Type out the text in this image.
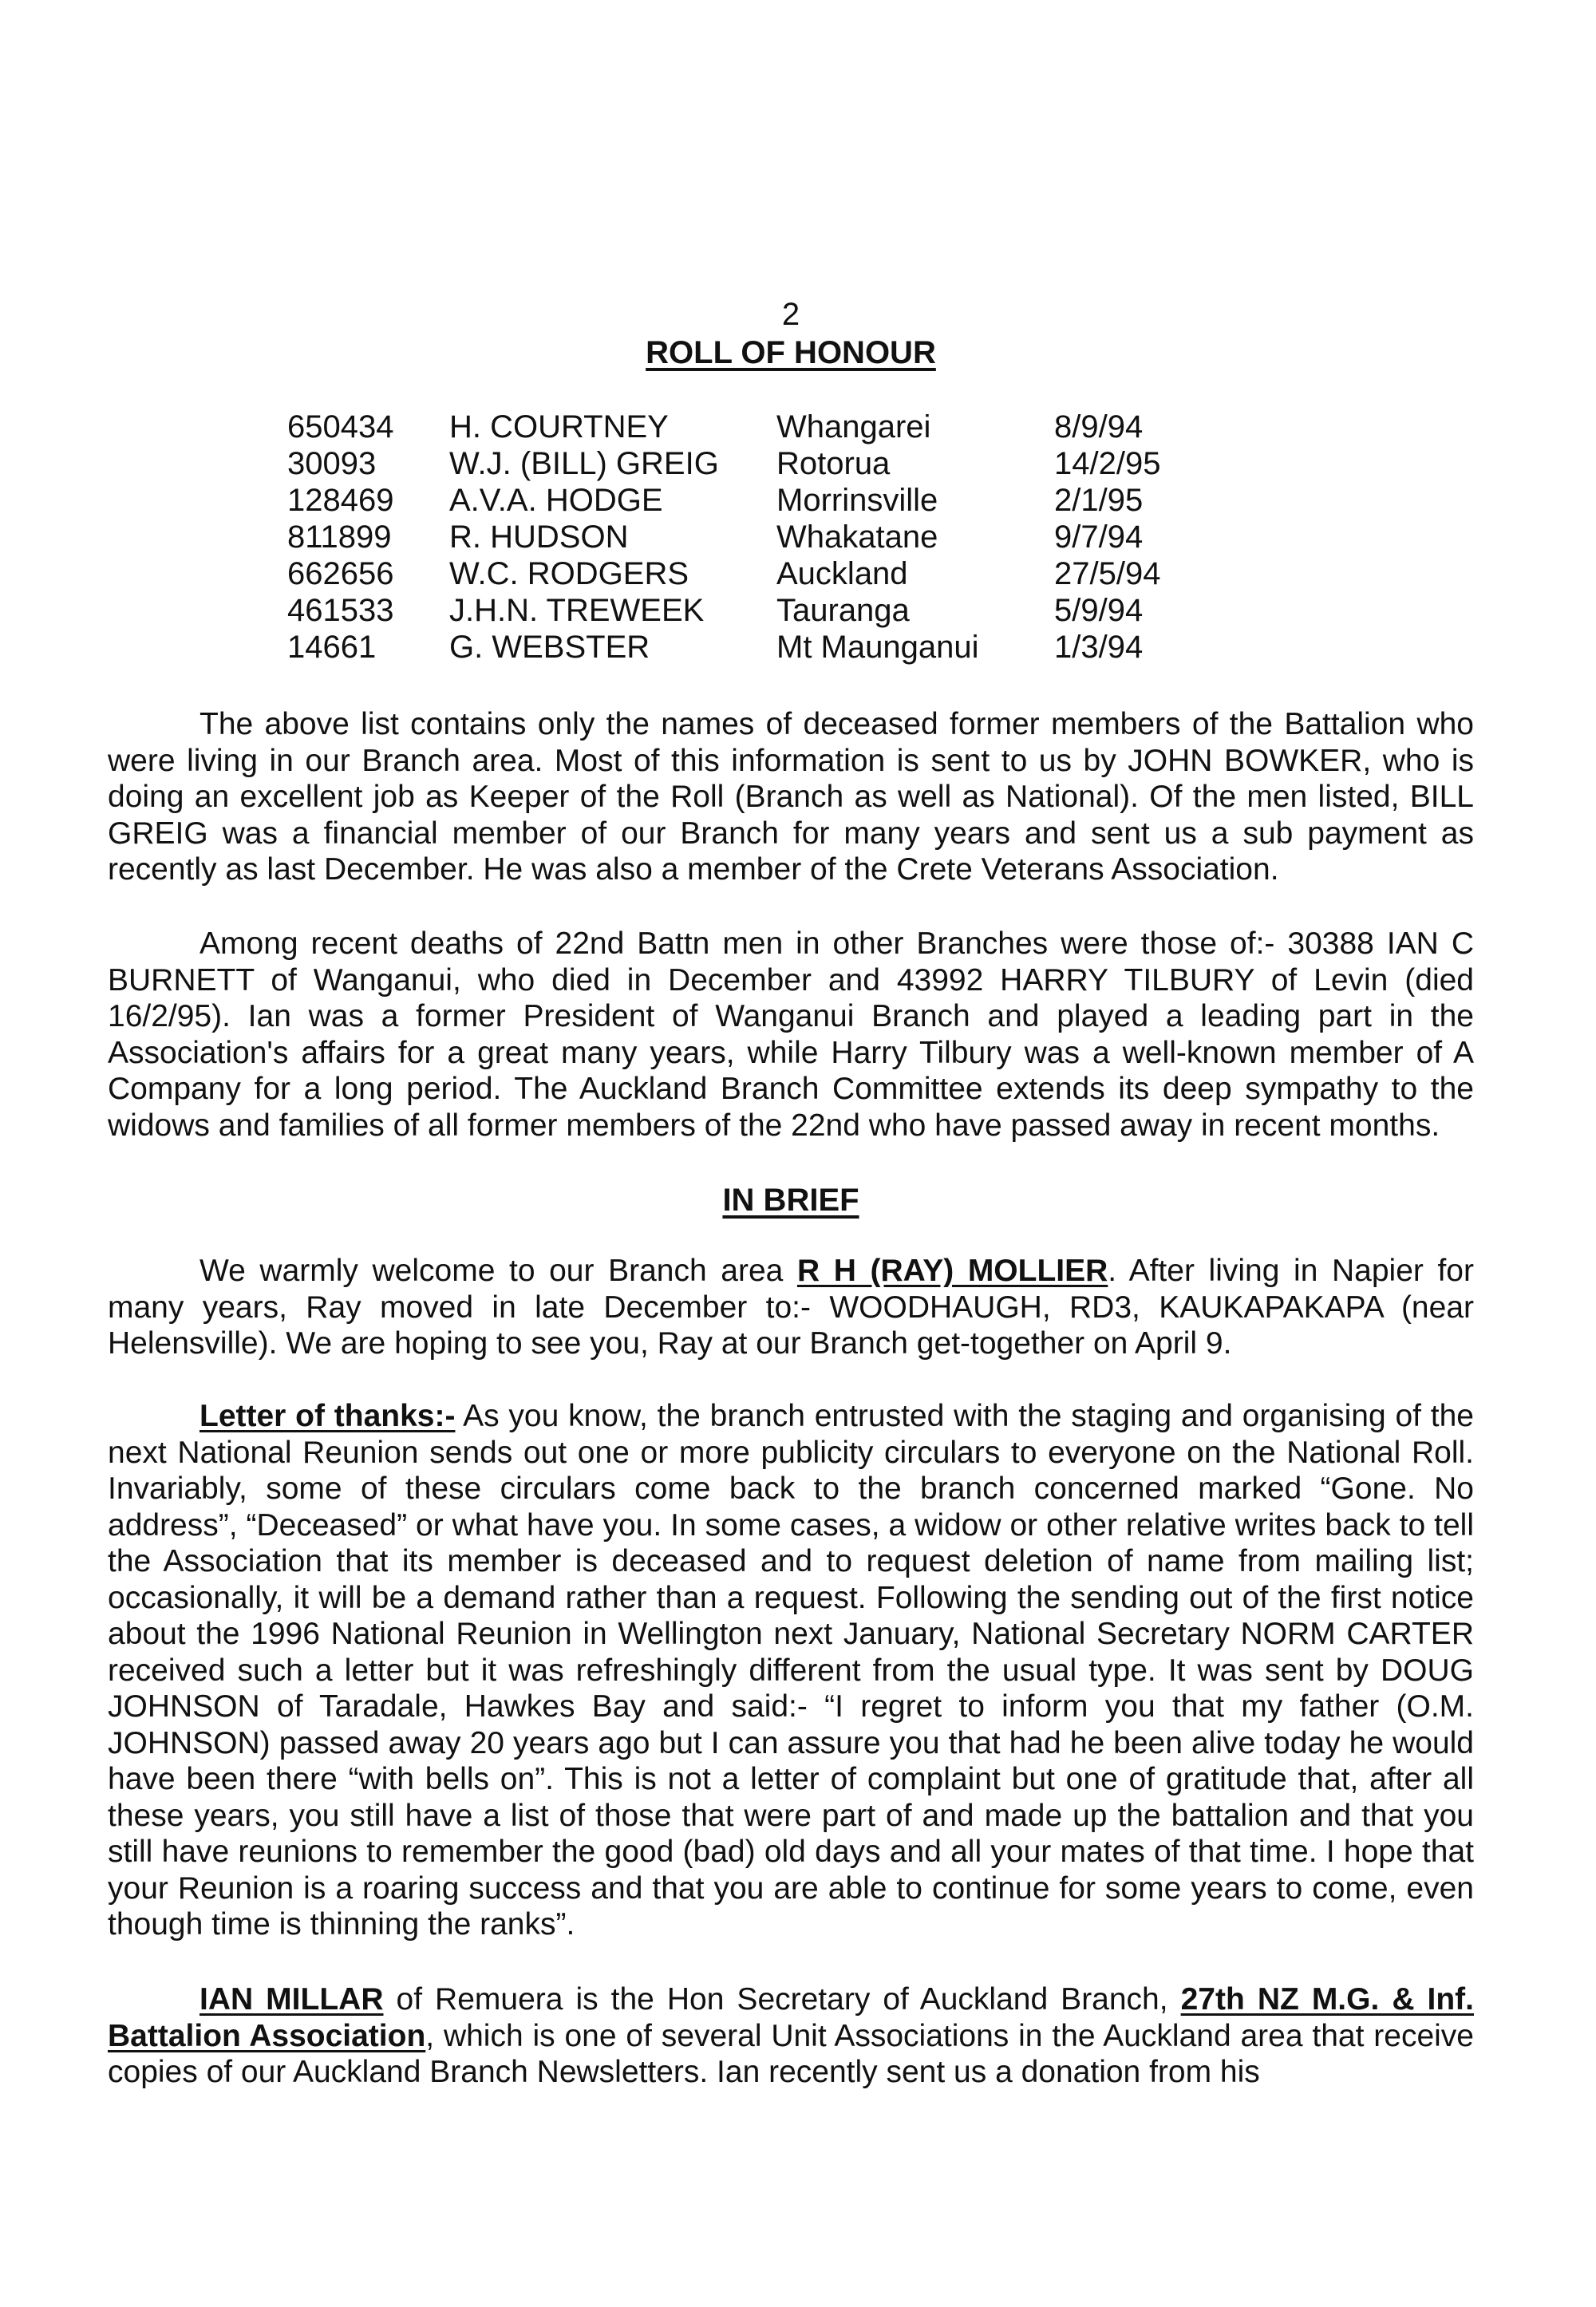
2
ROLL OF HONOUR
650434	H. COURTNEY	Whangarei	8/9/94
30093	W.J. (BILL) GREIG	Rotorua	14/2/95
128469	A.V.A. HODGE	Morrinsville	2/1/95
811899	R. HUDSON	Whakatane	9/7/94
662656	W.C. RODGERS	Auckland	27/5/94
461533	J.H.N. TREWEEK	Tauranga	5/9/94
14661	G. WEBSTER	Mt Maunganui	1/3/94

The above list contains only the names of deceased former members of the Battalion who were living in our Branch area. Most of this information is sent to us by JOHN BOWKER, who is doing an excellent job as Keeper of the Roll (Branch as well as National). Of the men listed, BILL GREIG was a financial member of our Branch for many years and sent us a sub payment as recently as last December. He was also a member of the Crete Veterans Association.

Among recent deaths of 22nd Battn men in other Branches were those of:- 30388 IAN C BURNETT of Wanganui, who died in December and 43992 HARRY TILBURY of Levin (died 16/2/95). Ian was a former President of Wanganui Branch and played a leading part in the Association's affairs for a great many years, while Harry Tilbury was a well-known member of A Company for a long period. The Auckland Branch Committee extends its deep sympathy to the widows and families of all former members of the 22nd who have passed away in recent months.

IN BRIEF

We warmly welcome to our Branch area R H (RAY) MOLLIER. After living in Napier for many years, Ray moved in late December to:- WOODHAUGH, RD3, KAUKAPAKAPA (near Helensville). We are hoping to see you, Ray at our Branch get-together on April 9.

Letter of thanks:- As you know, the branch entrusted with the staging and organising of the next National Reunion sends out one or more publicity circulars to everyone on the National Roll. Invariably, some of these circulars come back to the branch concerned marked “Gone. No address”, “Deceased” or what have you. In some cases, a widow or other relative writes back to tell the Association that its member is deceased and to request deletion of name from mailing list; occasionally, it will be a demand rather than a request. Following the sending out of the first notice about the 1996 National Reunion in Wellington next January, National Secretary NORM CARTER received such a letter but it was refreshingly different from the usual type. It was sent by DOUG JOHNSON of Taradale, Hawkes Bay and said:- “I regret to inform you that my father (O.M. JOHNSON) passed away 20 years ago but I can assure you that had he been alive today he would have been there “with bells on”. This is not a letter of complaint but one of gratitude that, after all these years, you still have a list of those that were part of and made up the battalion and that you still have reunions to remember the good (bad) old days and all your mates of that time. I hope that your Reunion is a roaring success and that you are able to continue for some years to come, even though time is thinning the ranks”.

IAN MILLAR of Remuera is the Hon Secretary of Auckland Branch, 27th NZ M.G. & Inf. Battalion Association, which is one of several Unit Associations in the Auckland area that receive copies of our Auckland Branch Newsletters. Ian recently sent us a donation from his
